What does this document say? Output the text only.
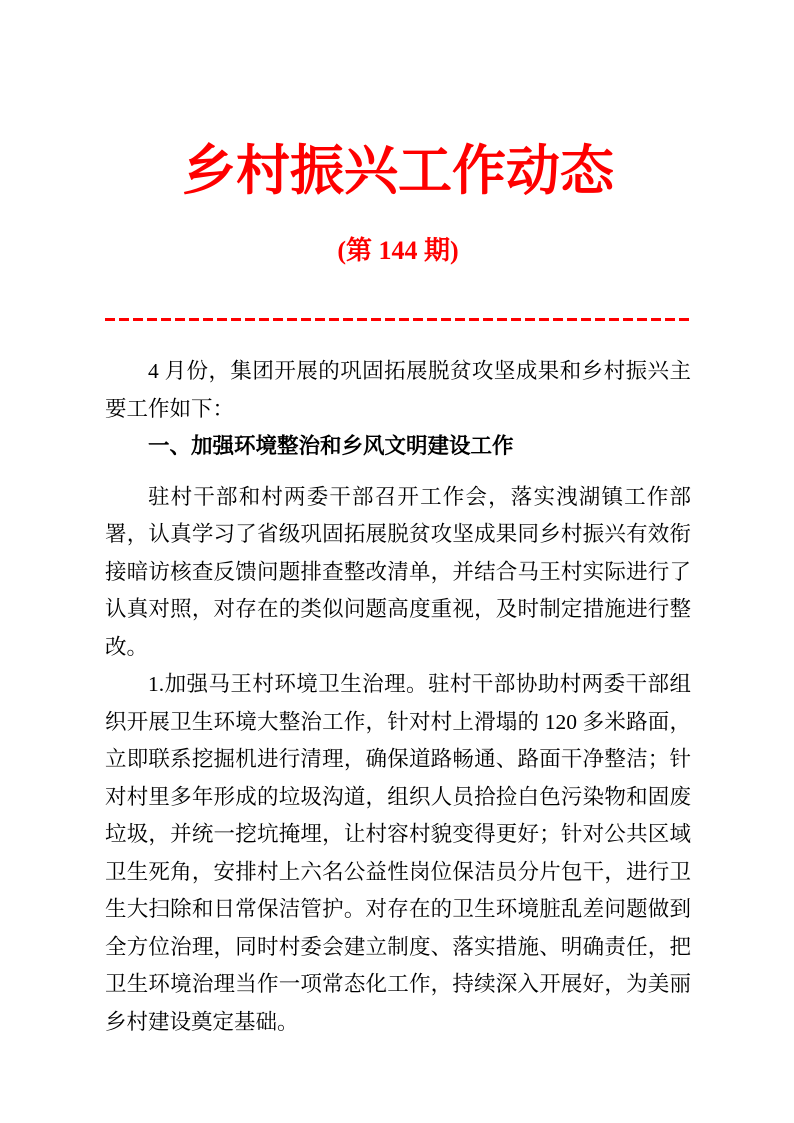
乡村振兴工作动态
(第 144 期)

4 月份，集团开展的巩固拓展脱贫攻坚成果和乡村振兴主要工作如下：

一、加强环境整治和乡风文明建设工作

驻村干部和村两委干部召开工作会，落实洩湖镇工作部署，认真学习了省级巩固拓展脱贫攻坚成果同乡村振兴有效衔接暗访核查反馈问题排查整改清单，并结合马王村实际进行了认真对照，对存在的类似问题高度重视，及时制定措施进行整改。

1.加强马王村环境卫生治理。驻村干部协助村两委干部组织开展卫生环境大整治工作，针对村上滑塌的 120 多米路面，立即联系挖掘机进行清理，确保道路畅通、路面干净整洁；针对村里多年形成的垃圾沟道，组织人员拾捡白色污染物和固废垃圾，并统一挖坑掩埋，让村容村貌变得更好；针对公共区域卫生死角，安排村上六名公益性岗位保洁员分片包干，进行卫生大扫除和日常保洁管护。对存在的卫生环境脏乱差问题做到全方位治理，同时村委会建立制度、落实措施、明确责任，把卫生环境治理当作一项常态化工作，持续深入开展好，为美丽乡村建设奠定基础。
